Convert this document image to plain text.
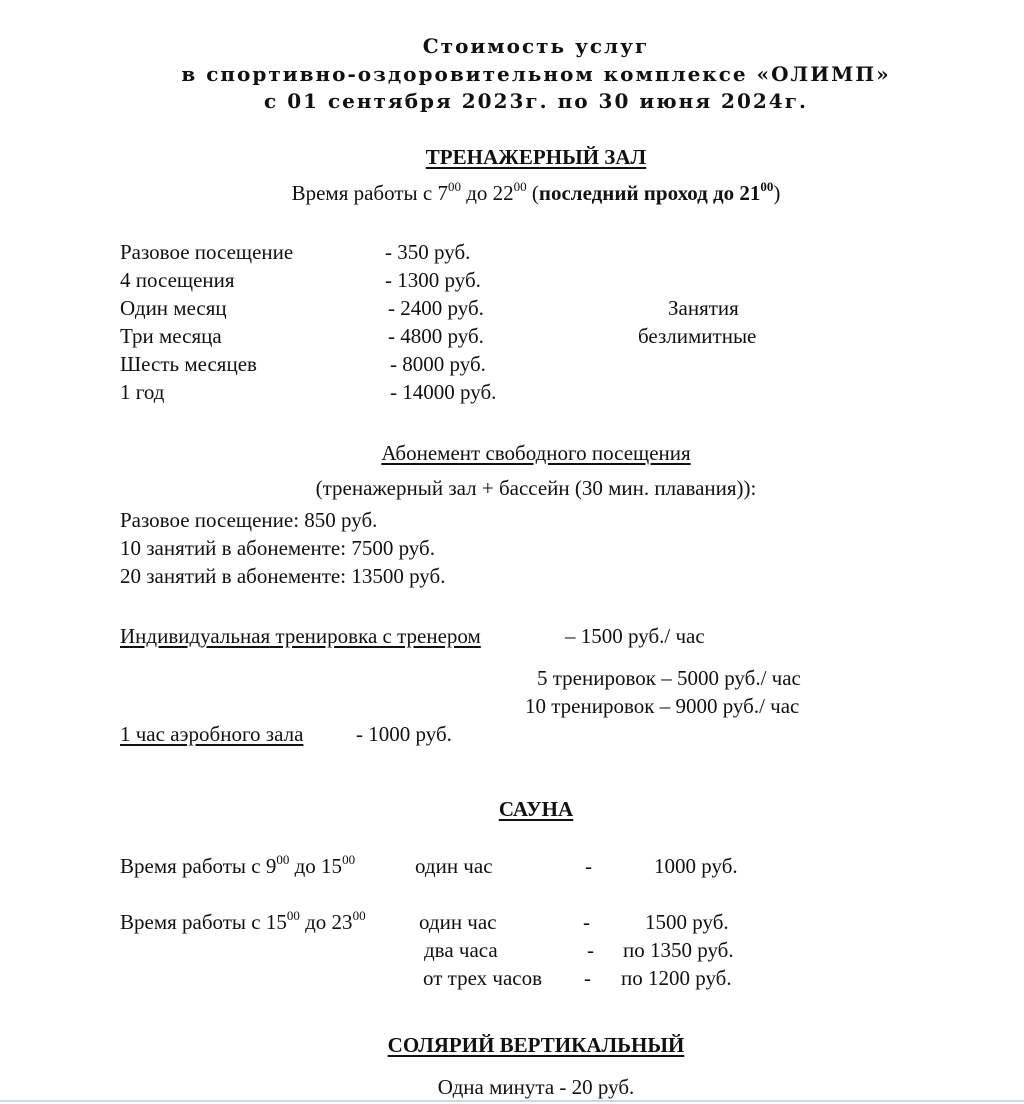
Стоимость услуг
в спортивно-оздоровительном комплексе «ОЛИМП»
с 01 сентября 2023г. по 30 июня 2024г.
ТРЕНАЖЕРНЫЙ ЗАЛ
Время работы с $7^{00}$ до $22^{00}$ (последний проход до $21^{00}$)
Разовое посещение	- 350 руб.
4 посещения	- 1300 руб.
Один месяц	- 2400 руб.
Три месяца	- 4800 руб.
Шесть месяцев	- 8000 руб.
1 год	- 14000 руб.
Занятия
безлимитные
Абонемент свободного посещения
(тренажерный зал + бассейн (30 мин. плавания)):
Разовое посещение: 850 руб.
10 занятий в абонементе: 7500 руб.
20 занятий в абонементе: 13500 руб.
Индивидуальная тренировка с тренером	– 1500 руб./ час
5 тренировок – 5000 руб./ час
10 тренировок – 9000 руб./ час
1 час аэробного зала	- 1000 руб.
САУНА
Время работы с $9^{00}$ до $15^{00}$	один час	-	1000 руб.
Время работы с $15^{00}$ до $23^{00}$	один час	-	1500 руб.
два часа	- по 1350 руб.
от трех часов - по 1200 руб.
СОЛЯРИЙ ВЕРТИКАЛЬНЫЙ
Одна минута - 20 руб.
